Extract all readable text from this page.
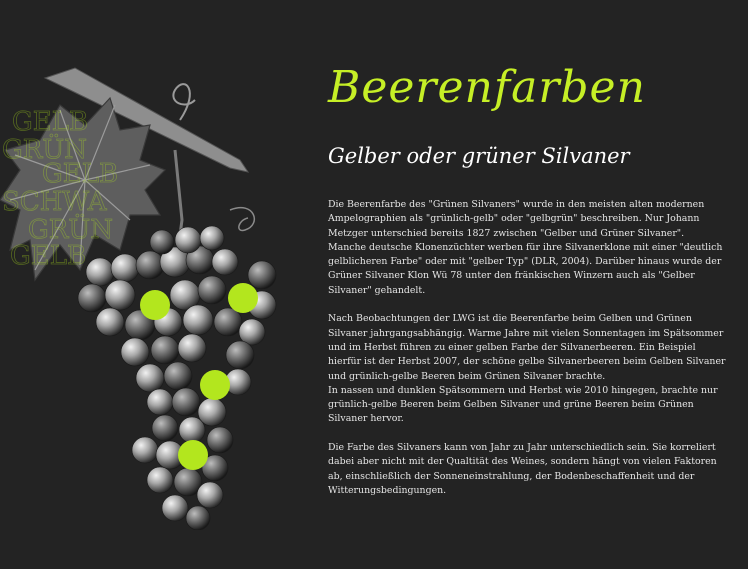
GELB
GRÜN
GELB
SCHWA
GRÜN
GELB
Beerenfarben
Gelber oder grüner Silvaner

Die Beerenfarbe des "Grünen Silvaners" wurde in den meisten alten modernen Ampelographien als "grünlich-gelb" oder "gelbgrün" beschreiben. Nur Johann Metzger unterschied bereits 1827 zwischen "Gelber und Grüner Silvaner".
Manche deutsche Klonenzüchter werben für ihre Silvanerklone mit einer "deutlich gelblicheren Farbe" oder mit "gelber Typ" (DLR, 2004). Darüber hinaus wurde der Grüner Silvaner Klon Wü 78 unter den fränkischen Winzern auch als "Gelber Silvaner" gehandelt.

Nach Beobachtungen der LWG ist die Beerenfarbe beim Gelben und Grünen Silvaner jahrgangsabhängig. Warme Jahre mit vielen Sonnentagen im Spätsommer und im Herbst führen zu einer gelben Farbe der Silvanerbeeren. Ein Beispiel hierfür ist der Herbst 2007, der schöne gelbe Silvanerbeeren beim Gelben Silvaner und grünlich-gelbe Beeren beim Grünen Silvaner brachte.
In nassen und dunklen Spätsommern und Herbst wie 2010 hingegen, brachte nur grünlich-gelbe Beeren beim Gelben Silvaner und grüne Beeren beim Grünen Silvaner hervor.

Die Farbe des Silvaners kann von Jahr zu Jahr unterschiedlich sein. Sie korreliert dabei aber nicht mit der Qualtität des Weines, sondern hängt von vielen Faktoren ab, einschließlich der Sonneneinstrahlung, der Bodenbeschaffenheit und der Witterungsbedingungen.
